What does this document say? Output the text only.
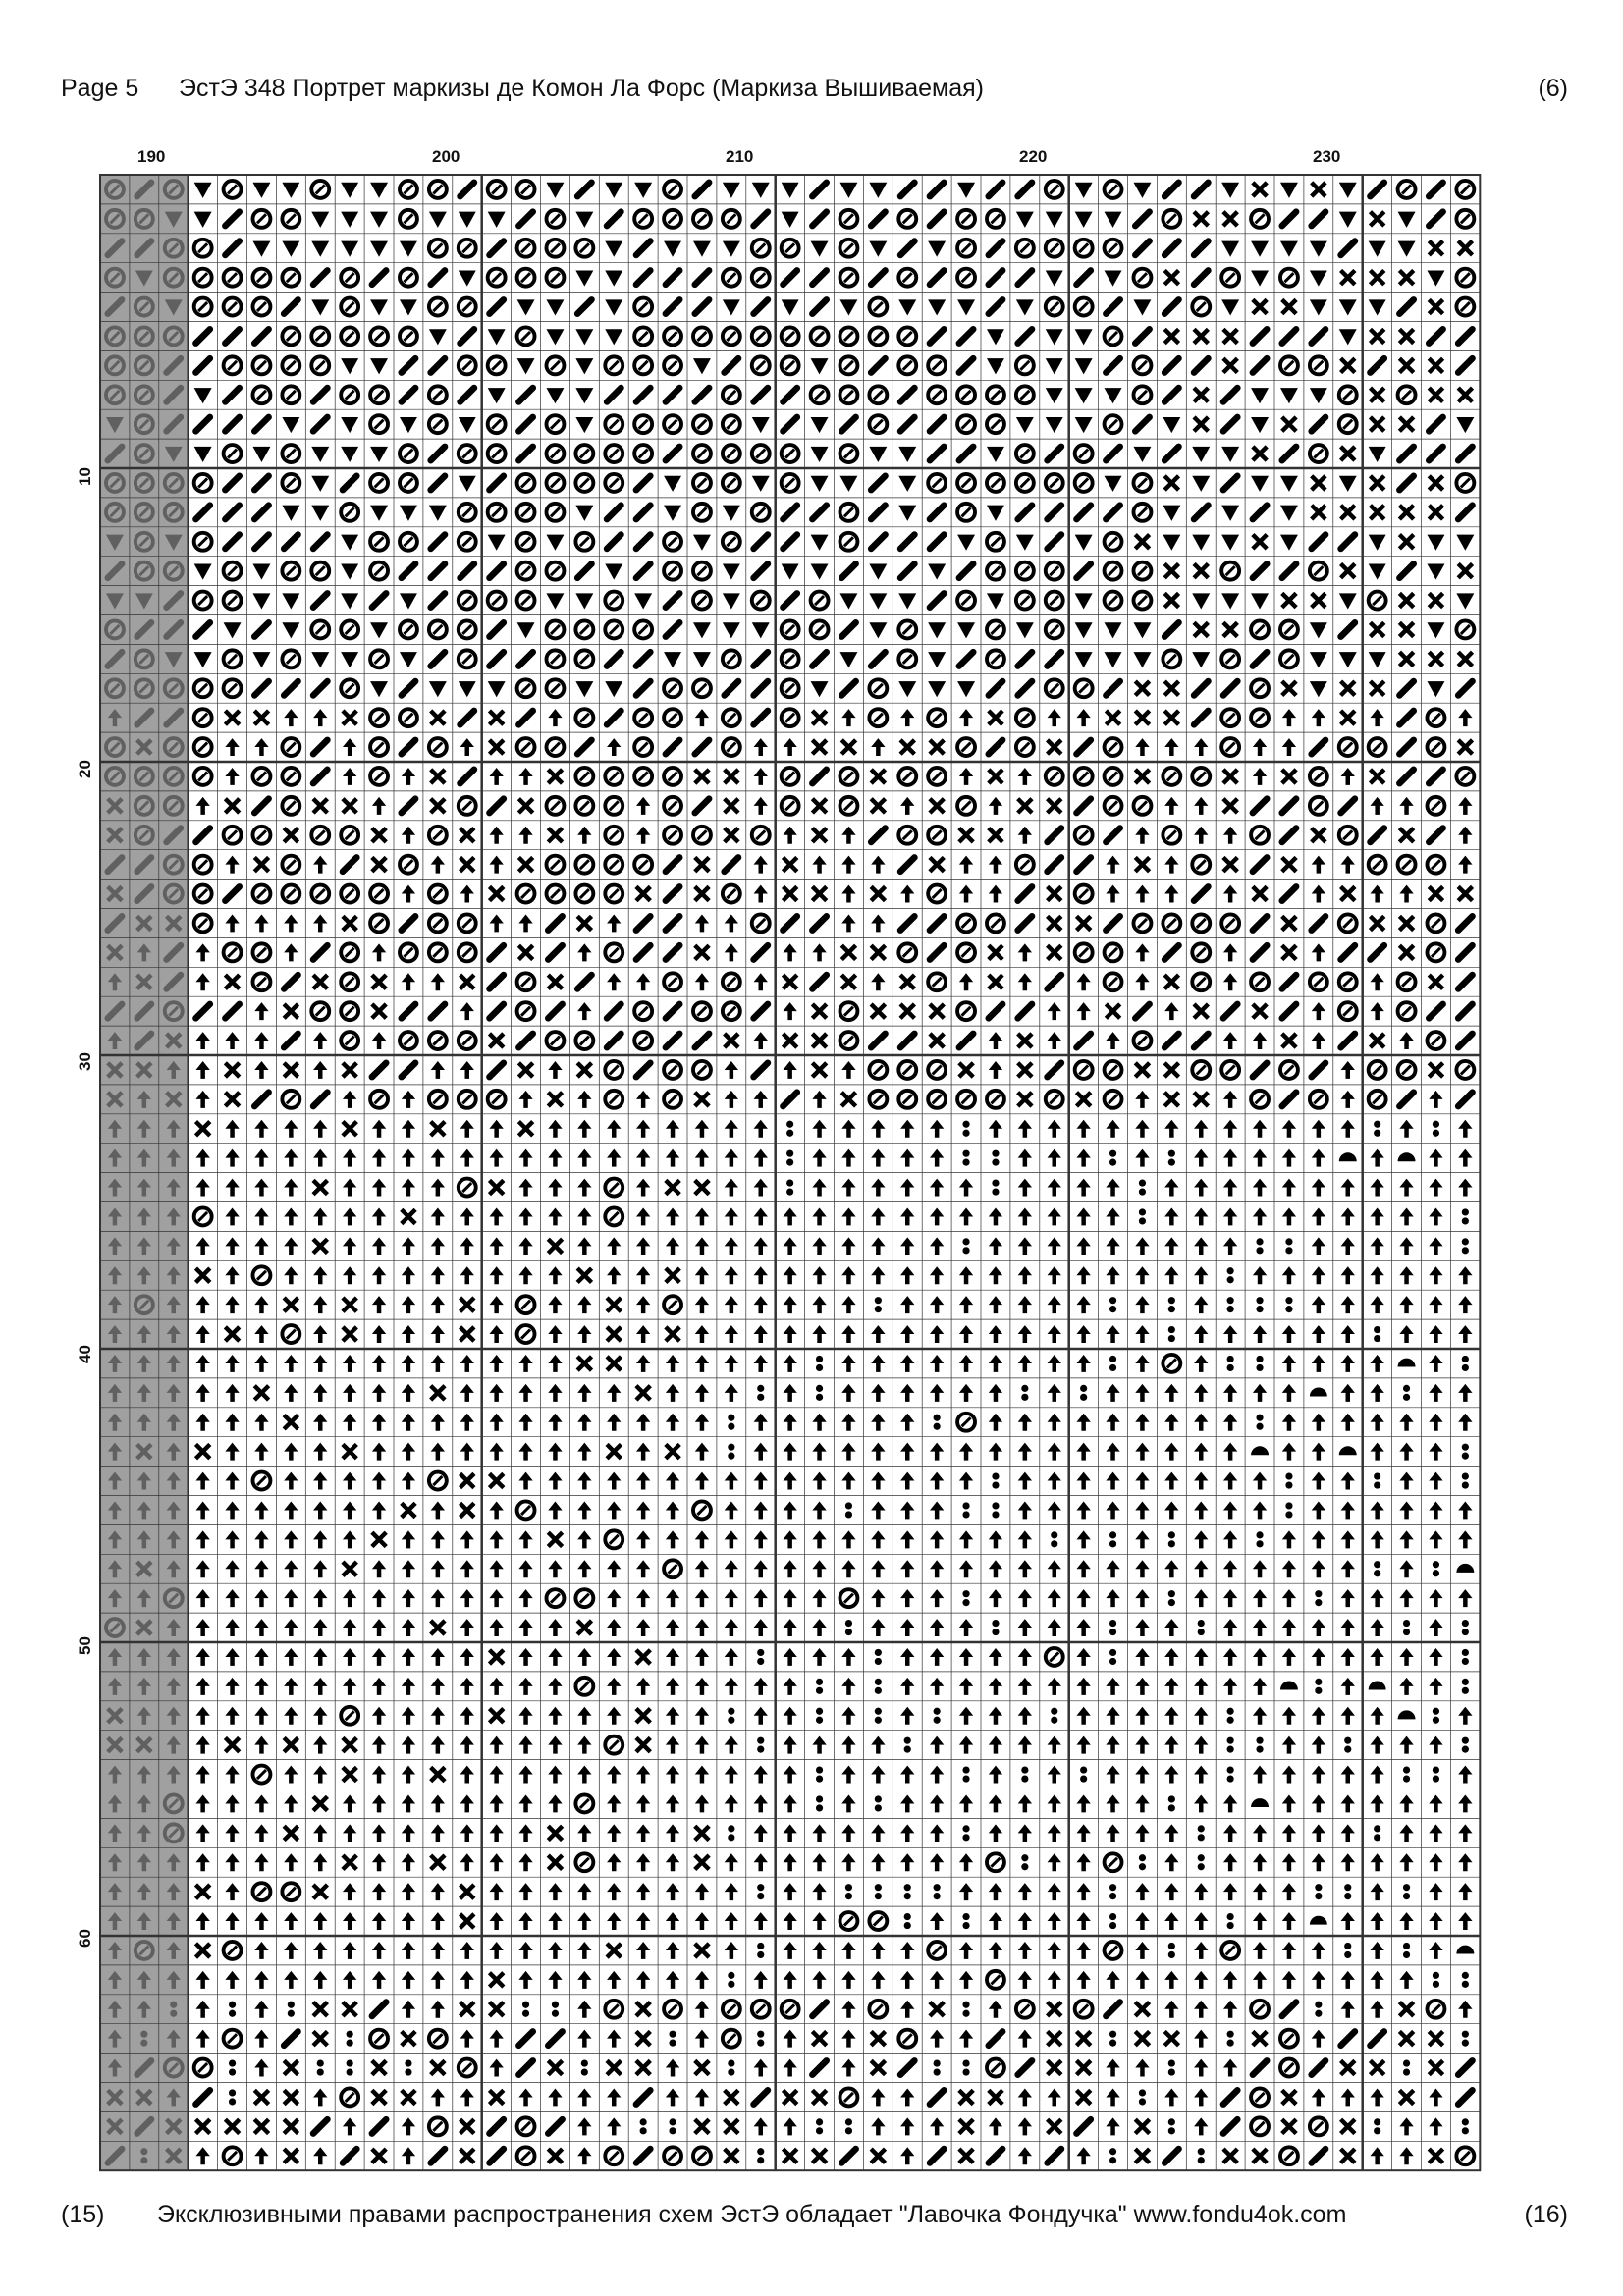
Page 5 ЭстЭ 348 Портрет маркизы де Комон Ла Форс (Маркиза Вышиваемая)	(6)
190	200	210	220	230
10
20
30
40
50
60
(15) Эксклюзивными правами распространения схем ЭстЭ обладает "Лавочка Фондучка" www.fondu4ok.com	(16)
